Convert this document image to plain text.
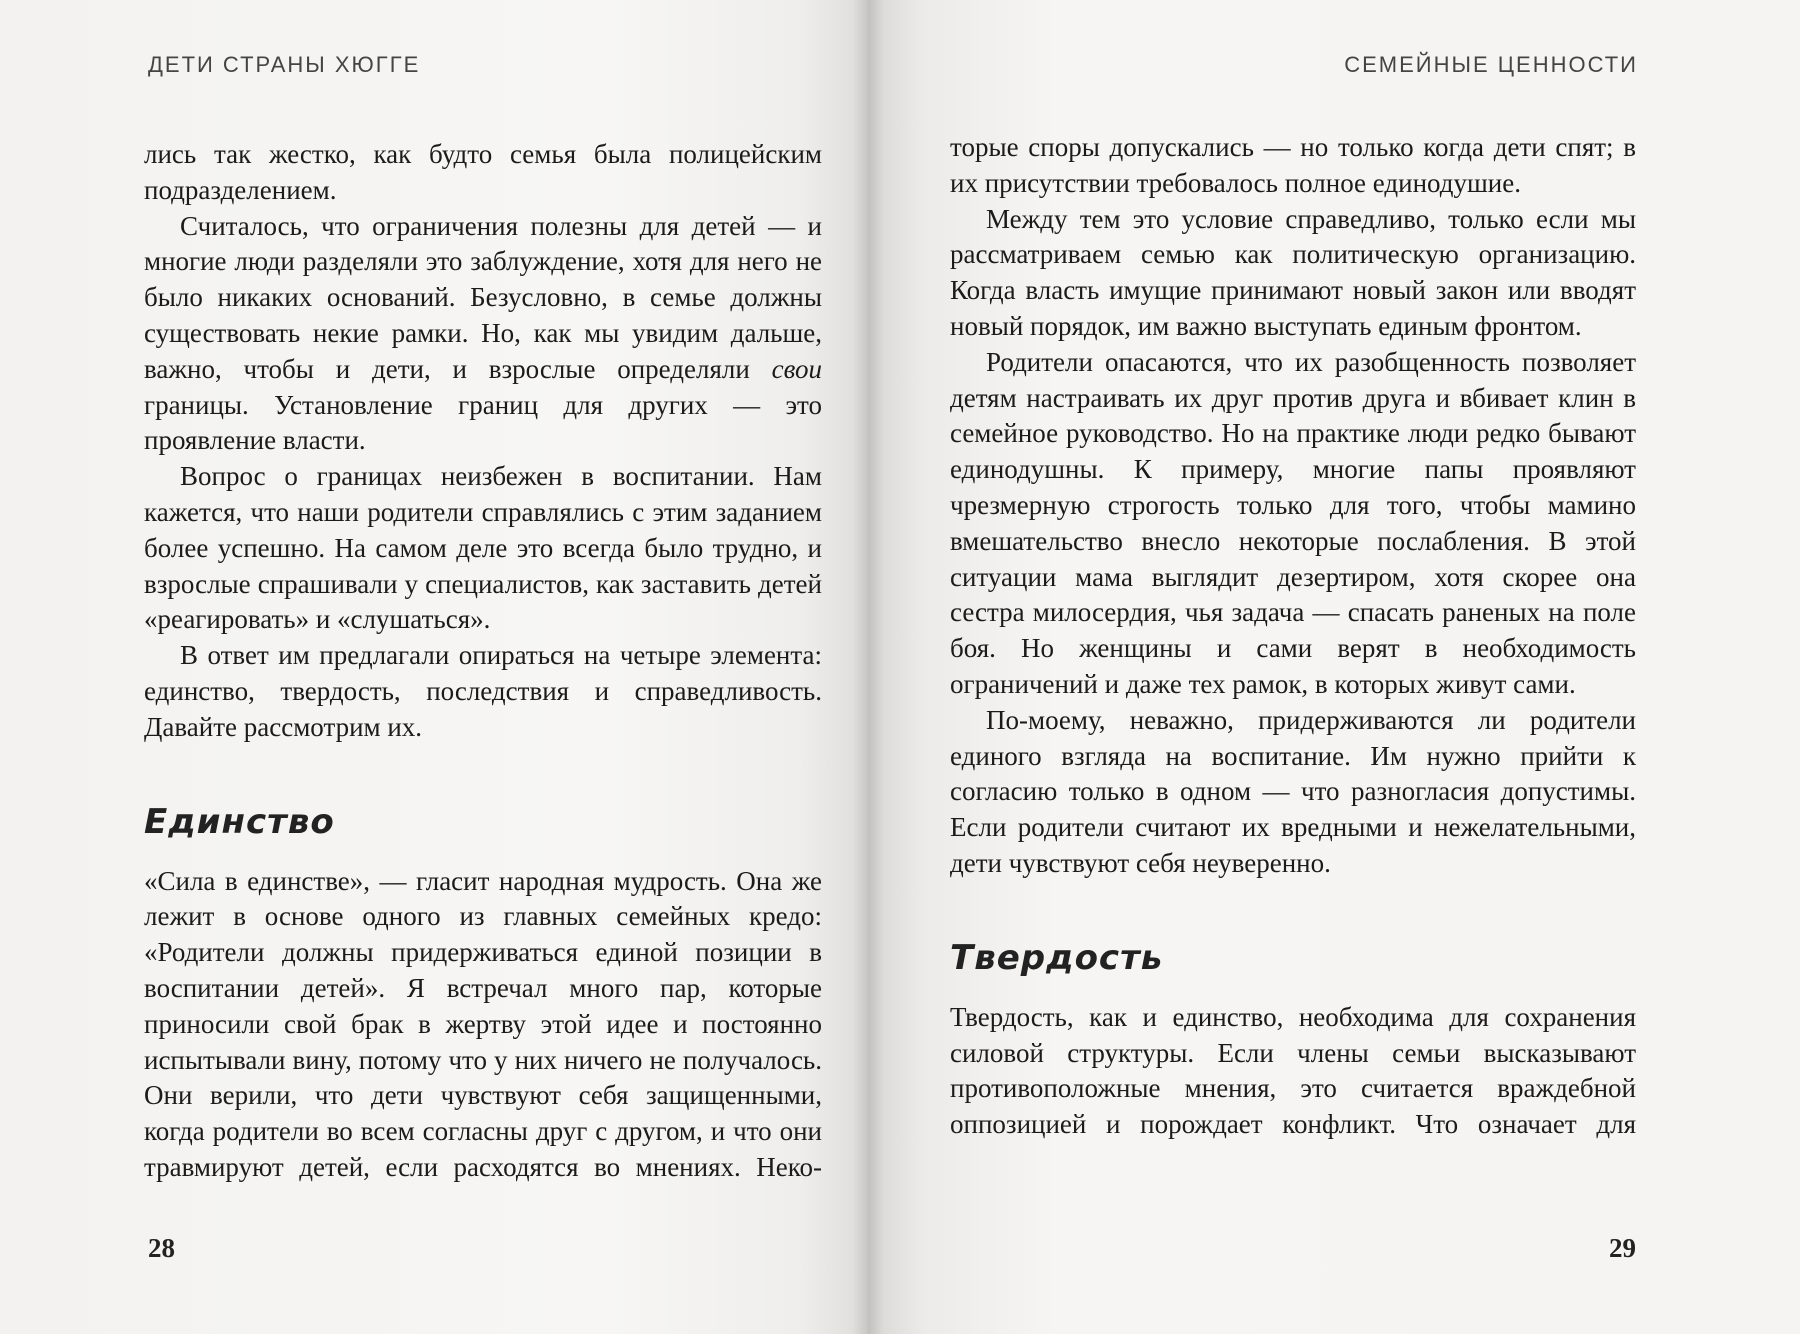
ДЕТИ СТРАНЫ ХЮГГЕ

лись так жестко, как будто семья была полицейским подразделением.

Считалось, что ограничения полезны для детей — и многие люди разделяли это заблуждение, хотя для него не было никаких оснований. Безусловно, в семье должны существовать некие рамки. Но, как мы увидим дальше, важно, чтобы и дети, и взрослые определяли свои границы. Установление границ для других — это проявление власти.

Вопрос о границах неизбежен в воспитании. Нам кажется, что наши родители справлялись с этим заданием более успешно. На самом деле это всегда было трудно, и взрослые спрашивали у специалистов, как заставить детей «реагировать» и «слушаться».

В ответ им предлагали опираться на четыре элемента: единство, твердость, последствия и справедливость. Давайте рассмотрим их.

Единство

«Сила в единстве», — гласит народная мудрость. Она же лежит в основе одного из главных семейных кредо: «Родители должны придерживаться единой позиции в воспитании детей». Я встречал много пар, которые приносили свой брак в жертву этой идее и постоянно испытывали вину, потому что у них ничего не получалось. Они верили, что дети чувствуют себя защищенными, когда родители во всем согласны друг с другом, и что они травмируют детей, если расходятся во мнениях. Неко-

28
СЕМЕЙНЫЕ ЦЕННОСТИ

торые споры допускались — но только когда дети спят; в их присутствии требовалось полное единодушие.

Между тем это условие справедливо, только если мы рассматриваем семью как политическую организацию. Когда власть имущие принимают новый закон или вводят новый порядок, им важно выступать единым фронтом.

Родители опасаются, что их разобщенность позволяет детям настраивать их друг против друга и вбивает клин в семейное руководство. Но на практике люди редко бывают единодушны. К примеру, многие папы проявляют чрезмерную строгость только для того, чтобы мамино вмешательство внесло некоторые послабления. В этой ситуации мама выглядит дезертиром, хотя скорее она сестра милосердия, чья задача — спасать раненых на поле боя. Но женщины и сами верят в необходимость ограничений и даже тех рамок, в которых живут сами.

По-моему, неважно, придерживаются ли родители единого взгляда на воспитание. Им нужно прийти к согласию только в одном — что разногласия допустимы. Если родители считают их вредными и нежелательными, дети чувствуют себя неуверенно.

Твердость

Твердость, как и единство, необходима для сохранения силовой структуры. Если члены семьи высказывают противоположные мнения, это считается враждебной оппозицией и порождает конфликт. Что означает для

29
